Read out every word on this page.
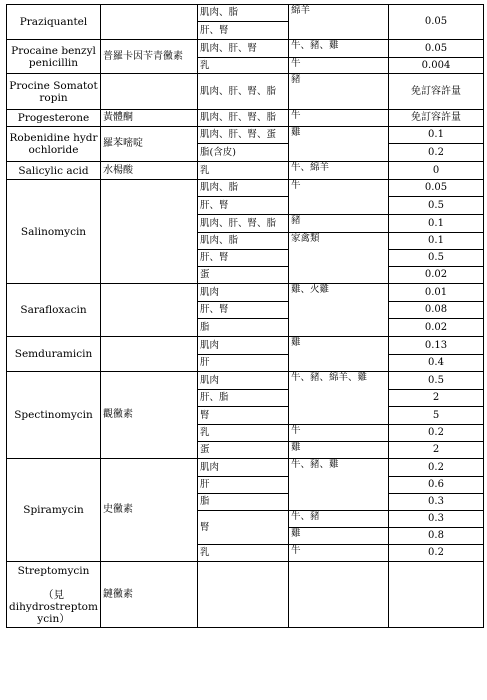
Praziquantel		肌肉、脂	綿羊	0.05
		肝、腎		
Procaine benzylpenicillin	普羅卡因苄青黴素	肌肉、肝、腎	牛、豬、雞	0.05
		乳	牛	0.004
Procine Somatotropin		肌肉、肝、腎、脂	豬	免訂容許量
Progesterone	黃體酮	肌肉、肝、腎、脂	牛	免訂容許量
Robenidine hydrochloride	羅苯嘧啶	肌肉、肝、腎、蛋	雞	0.1
		脂(含皮)		0.2
Salicylic acid	水楊酸	乳	牛、綿羊	0
Salinomycin		肌肉、脂	牛	0.05
		肝、腎		0.5
		肌肉、肝、腎、脂	豬	0.1
		肌肉、脂	家禽類	0.1
		肝、腎		0.5
		蛋		0.02
Sarafloxacin		肌肉	雞、火雞	0.01
		肝、腎		0.08
		脂		0.02
Semduramicin		肌肉	雞	0.13
		肝		0.4
Spectinomycin	觀黴素	肌肉	牛、豬、綿羊、雞	0.5
		肝、脂		2
		腎		5
		乳	牛	0.2
		蛋	雞	2
Spiramycin	史黴素	肌肉	牛、豬、雞	0.2
		肝		0.6
		脂		0.3
		腎	牛、豬	0.3
			雞	0.8
		乳	牛	0.2
Streptomycin

（見
dihydrostreptomycin）	鏈黴素			
